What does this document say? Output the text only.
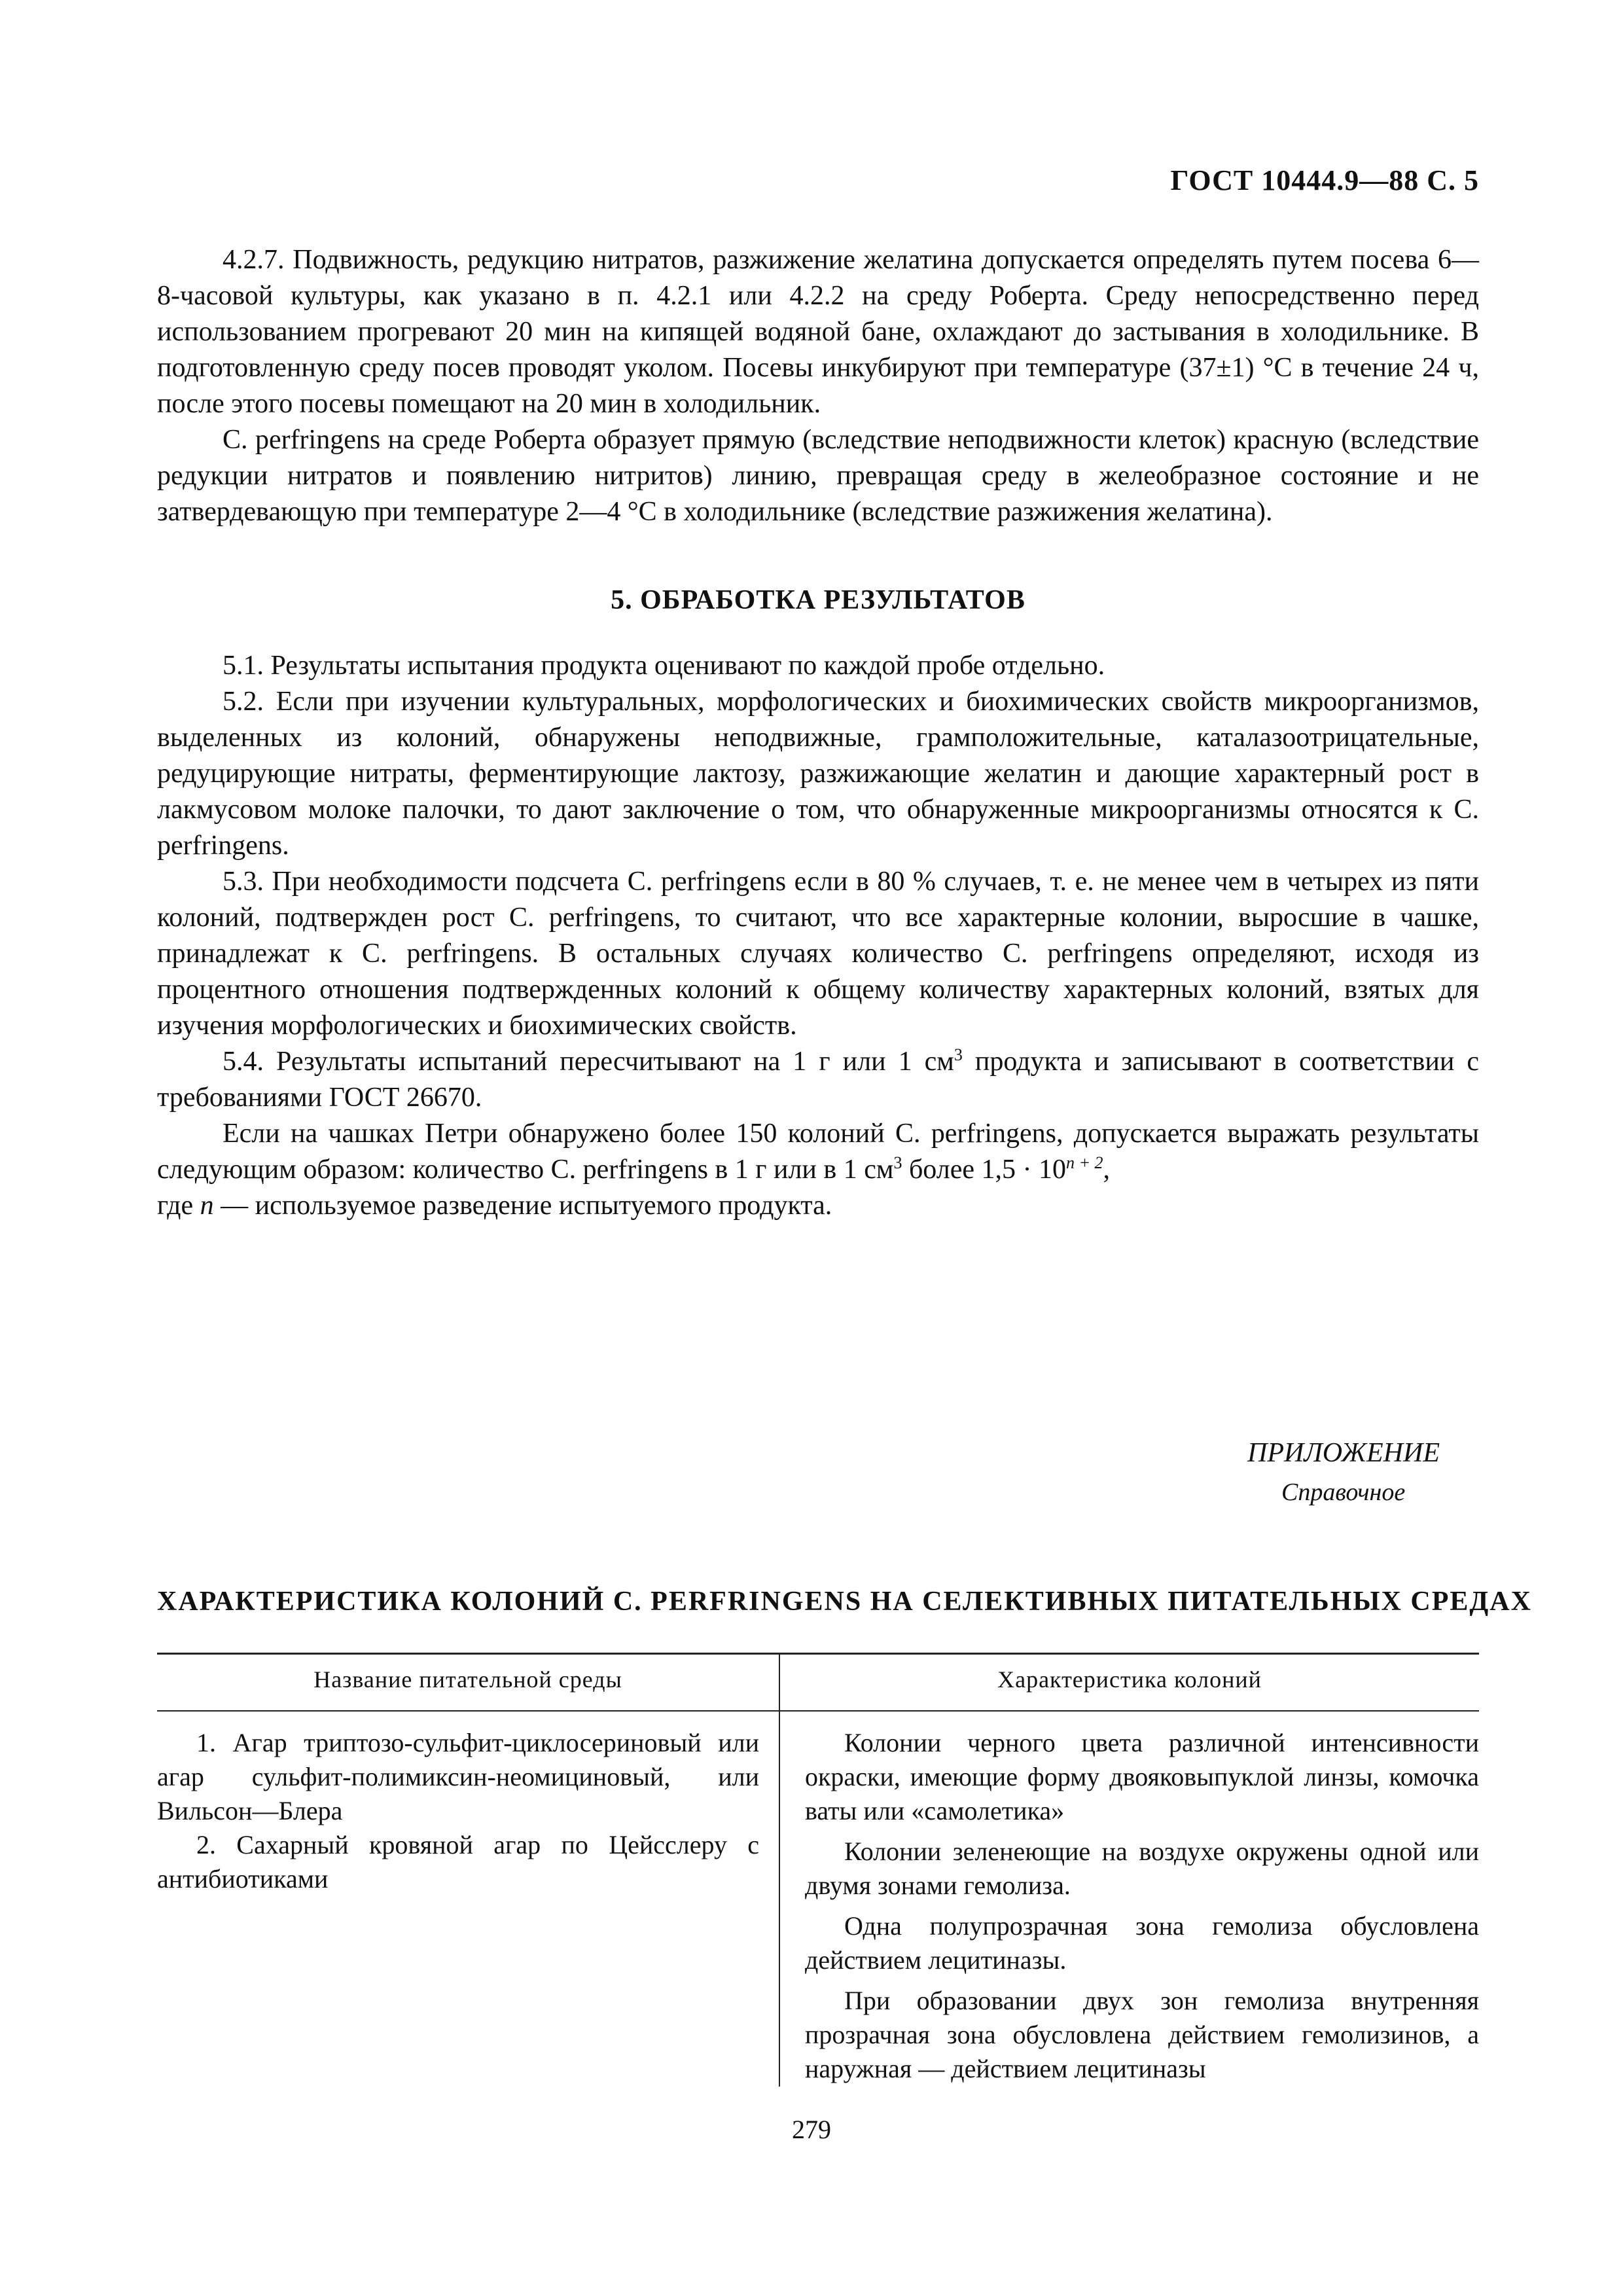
ГОСТ 10444.9—88 С. 5

4.2.7. Подвижность, редукцию нитратов, разжижение желатина допускается определять путем посева 6—8-часовой культуры, как указано в п. 4.2.1 или 4.2.2 на среду Роберта. Среду непосредственно перед использованием прогревают 20 мин на кипящей водяной бане, охлаждают до застывания в холодильнике. В подготовленную среду посев проводят уколом. Посевы инкубируют при температуре (37±1) °С в течение 24 ч, после этого посевы помещают на 20 мин в холодильник.

C. perfringens на среде Роберта образует прямую (вследствие неподвижности клеток) красную (вследствие редукции нитратов и появлению нитритов) линию, превращая среду в желеобразное состояние и не затвердевающую при температуре 2—4 °С в холодильнике (вследствие разжижения желатина).

5. ОБРАБОТКА РЕЗУЛЬТАТОВ

5.1. Результаты испытания продукта оценивают по каждой пробе отдельно.

5.2. Если при изучении культуральных, морфологических и биохимических свойств микроорганизмов, выделенных из колоний, обнаружены неподвижные, грамположительные, каталазоотрицательные, редуцирующие нитраты, ферментирующие лактозу, разжижающие желатин и дающие характерный рост в лакмусовом молоке палочки, то дают заключение о том, что обнаруженные микроорганизмы относятся к C. perfringens.

5.3. При необходимости подсчета C. perfringens если в 80 % случаев, т. е. не менее чем в четырех из пяти колоний, подтвержден рост C. perfringens, то считают, что все характерные колонии, выросшие в чашке, принадлежат к C. perfringens. В остальных случаях количество C. perfringens определяют, исходя из процентного отношения подтвержденных колоний к общему количеству характерных колоний, взятых для изучения морфологических и биохимических свойств.

5.4. Результаты испытаний пересчитывают на 1 г или 1 $см^3$ продукта и записывают в соответствии с требованиями ГОСТ 26670.

Если на чашках Петри обнаружено более 150 колоний C. perfringens, допускается выражать результаты следующим образом: количество C. perfringens в 1 г или в 1 $см^3$ более $1,5 \cdot 10^{n + 2}$,

где n — используемое разведение испытуемого продукта.

ПРИЛОЖЕНИЕ
Справочное
ХАРАКТЕРИСТИКА КОЛОНИЙ C. PERFRINGENS НА СЕЛЕКТИВНЫХ ПИТАТЕЛЬНЫХ СРЕДАХ
Название питательной среды	Характеристика колоний

1. Агар триптозо-сульфит-циклосериновый или агар сульфит-полимиксин-неомициновый, или Вильсон—Блера

2. Сахарный кровяной агар по Цейсслеру с антибиотиками

Колонии черного цвета различной интенсивности окраски, имеющие форму двояковыпуклой линзы, комочка ваты или «самолетика»

Колонии зеленеющие на воздухе окружены одной или двумя зонами гемолиза.

Одна полупрозрачная зона гемолиза обусловлена действием лецитиназы.

При образовании двух зон гемолиза внутренняя прозрачная зона обусловлена действием гемолизинов, а наружная — действием лецитиназы

279
